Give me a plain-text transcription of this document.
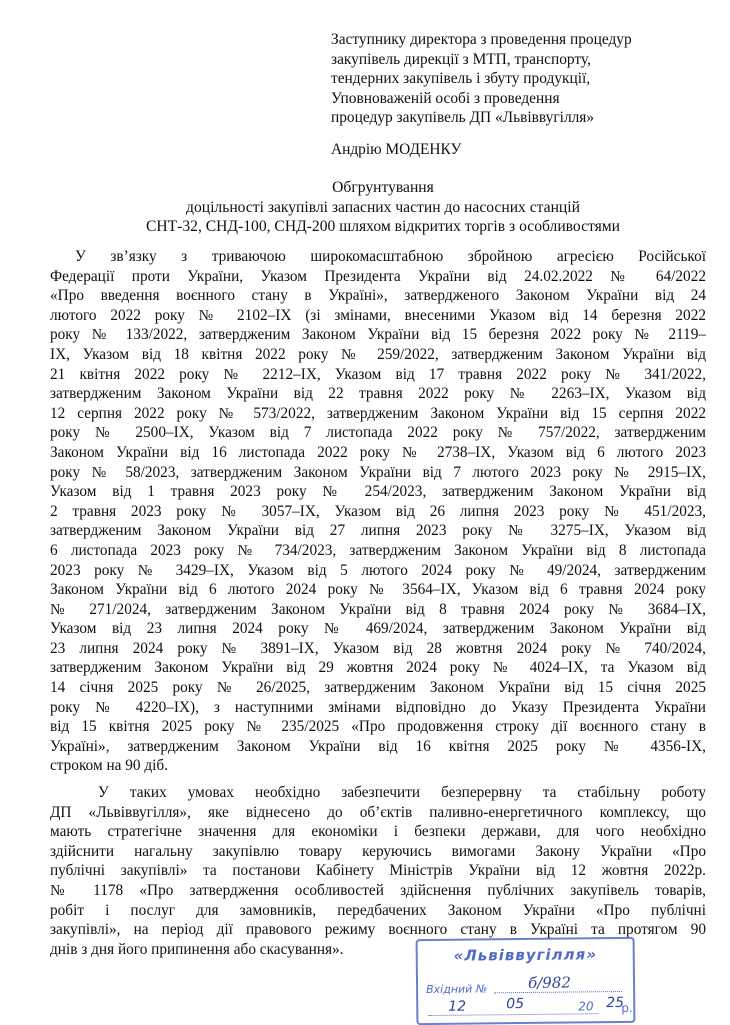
Заступнику директора з проведення процедур
закупівель дирекції з МТП, транспорту,
тендерних закупівель і збуту продукції,
Уповноваженій особі з проведення
процедур закупівель ДП «Львіввугілля»
Андрію МОДЕНКУ
Обгрунтування
доцільності закупівлі запасних частин до насосних станцій
СНТ-32, СНД-100, СНД-200 шляхом відкритих торгів з особливостями
У зв’язку з триваючою широкомасштабною збройною агресією Російської
Федерації проти України, Указом Президента України від 24.02.2022 № 64/2022
«Про введення воєнного стану в Україні», затвердженого Законом України від 24
лютого 2022 року № 2102–IX (зі змінами, внесеними Указом від 14 березня 2022
року № 133/2022, затвердженим Законом України від 15 березня 2022 року № 2119–
IX, Указом від 18 квітня 2022 року № 259/2022, затвердженим Законом України від
21 квітня 2022 року № 2212–IX, Указом від 17 травня 2022 року № 341/2022,
затвердженим Законом України від 22 травня 2022 року № 2263–IX, Указом від
12 серпня 2022 року № 573/2022, затвердженим Законом України від 15 серпня 2022
року № 2500–IX, Указом від 7 листопада 2022 року № 757/2022, затвердженим
Законом України від 16 листопада 2022 року № 2738–IX, Указом від 6 лютого 2023
року № 58/2023, затвердженим Законом України від 7 лютого 2023 року № 2915–IX,
Указом від 1 травня 2023 року № 254/2023, затвердженим Законом України від
2 травня 2023 року № 3057–IX, Указом від 26 липня 2023 року № 451/2023,
затвердженим Законом України від 27 липня 2023 року № 3275–IX, Указом від
6 листопада 2023 року № 734/2023, затвердженим Законом України від 8 листопада
2023 року № 3429–IX, Указом від 5 лютого 2024 року № 49/2024, затвердженим
Законом України від 6 лютого 2024 року № 3564–IX, Указом від 6 травня 2024 року
№ 271/2024, затвердженим Законом України від 8 травня 2024 року № 3684–IX,
Указом від 23 липня 2024 року № 469/2024, затвердженим Законом України від
23 липня 2024 року № 3891–IX, Указом від 28 жовтня 2024 року № 740/2024,
затвердженим Законом України від 29 жовтня 2024 року № 4024–IX, та Указом від
14 січня 2025 року № 26/2025, затвердженим Законом України від 15 січня 2025
року № 4220–IX), з наступними змінами відповідно до Указу Президента України
від 15 квітня 2025 року № 235/2025 «Про продовження строку дії воєнного стану в
Україні», затвердженим Законом України від 16 квітня 2025 року № 4356-IX,
строком на 90 діб.
У таких умовах необхідно забезпечити безперервну та стабільну роботу
ДП «Львіввугілля», яке віднесено до об’єктів паливно-енергетичного комплексу, що
мають стратегічне значення для економіки і безпеки держави, для чого необхідно
здійснити нагальну закупівлю товару керуючись вимогами Закону України «Про
публічні закупівлі» та постанови Кабінету Міністрів України від 12 жовтня 2022р.
№ 1178 «Про затвердження особливостей здійснення публічних закупівель товарів,
робіт і послуг для замовників, передбачених Законом України «Про публічні
закупівлі», на період дії правового режиму воєнного стану в Україні та протягом 90
днів з дня його припинення або скасування».	«Львіввугілля»
Вхідний №	б/982
12	05	20 25
р.
